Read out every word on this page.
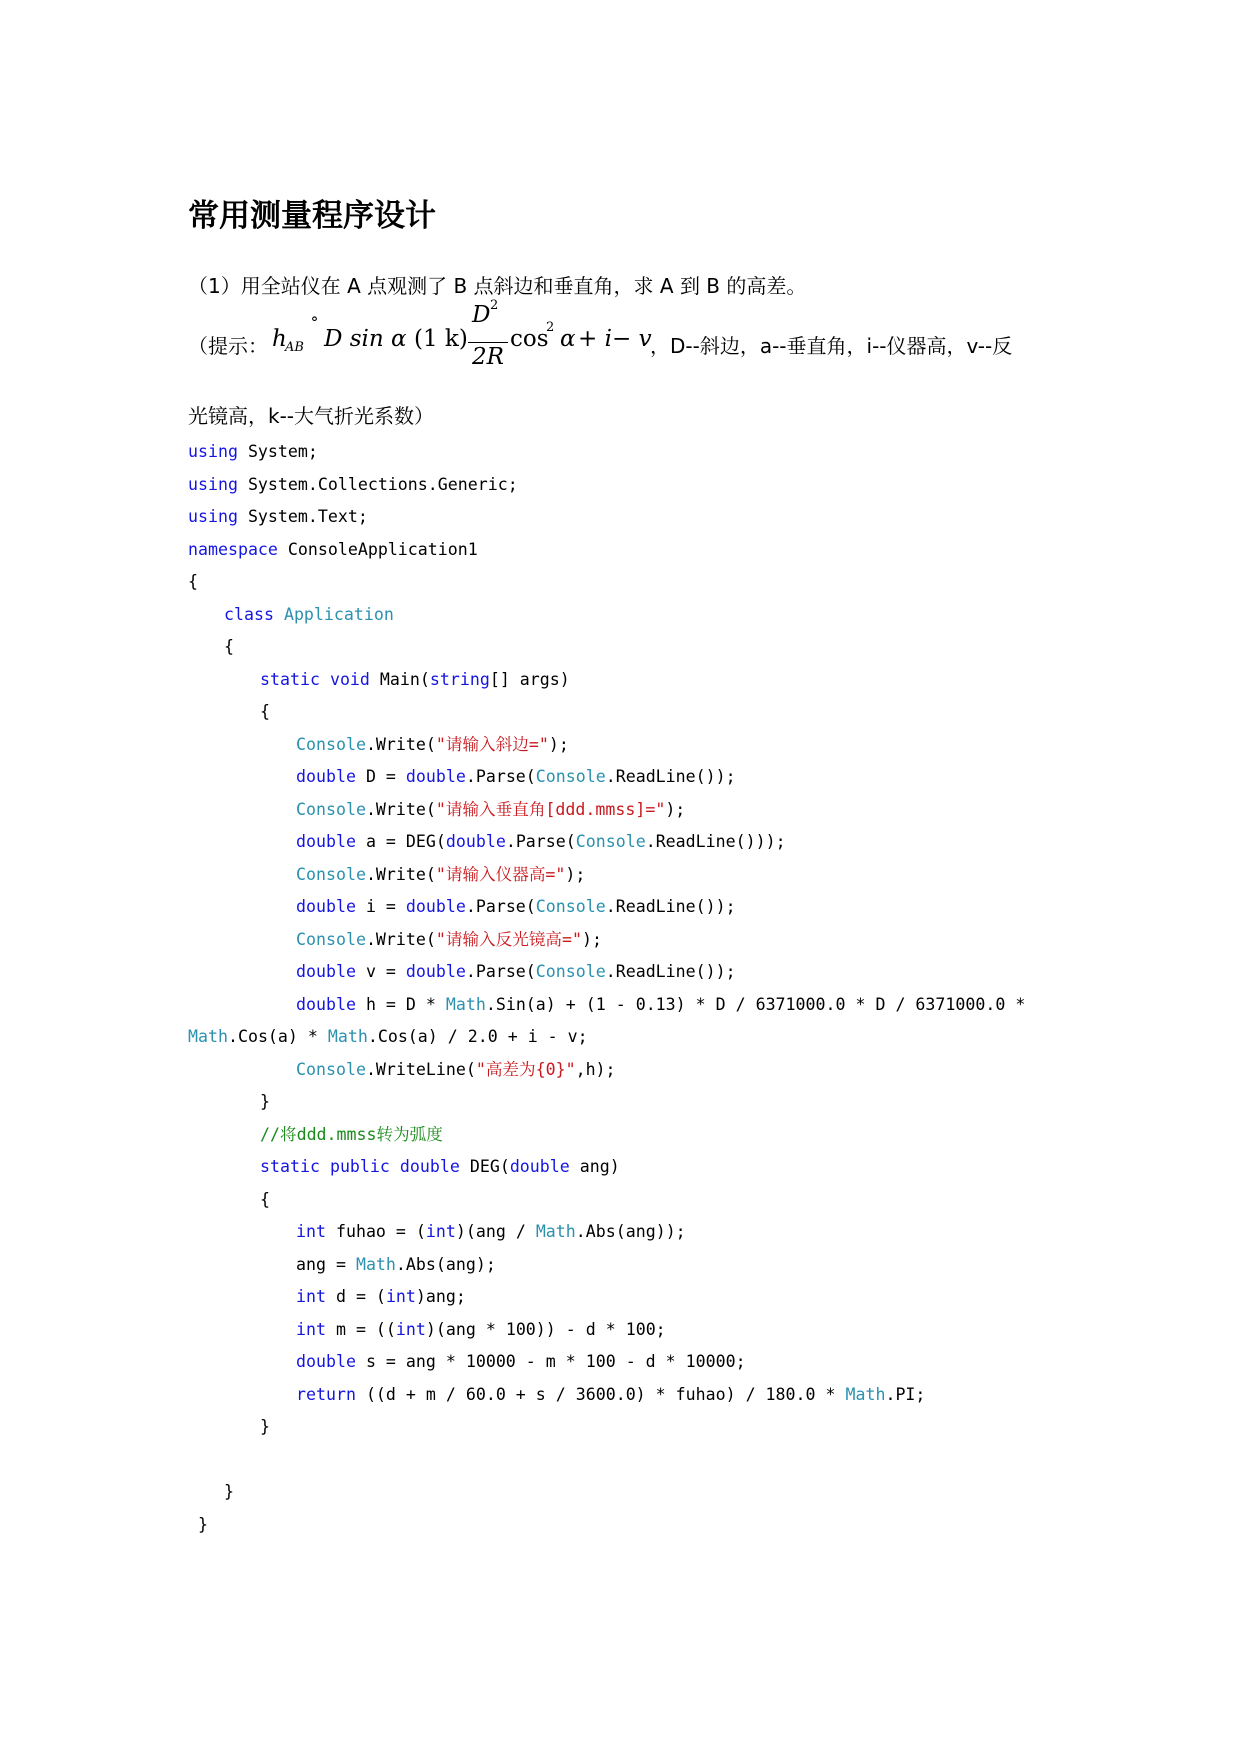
常用测量程序设计
（1）用全站仪在 A 点观测了 B 点斜边和垂直角，求 A 到 B 的高差。
（提示： h
AB
˚ D sin α (1 k)
D 2
2R
cos
2 α + i − v
，D--斜边，a--垂直角，i--仪器高，v--反
光镜高，k--大气折光系数）
using System;
using System.Collections.Generic;
using System.Text;
namespace ConsoleApplication1
{
class Application
{
static void Main(string[] args)
{
Console.Write("请输入斜边=");
double D = double.Parse(Console.ReadLine());
Console.Write("请输入垂直角[ddd.mmss]=");
double a = DEG(double.Parse(Console.ReadLine()));
Console.Write("请输入仪器高=");
double i = double.Parse(Console.ReadLine());
Console.Write("请输入反光镜高=");
double v = double.Parse(Console.ReadLine());
double h = D * Math.Sin(a) + (1 - 0.13) * D / 6371000.0 * D / 6371000.0 *
Math.Cos(a) * Math.Cos(a) / 2.0 + i - v;
Console.WriteLine("高差为{0}",h);
}
//将ddd.mmss转为弧度
static public double DEG(double ang)
{
int fuhao = (int)(ang / Math.Abs(ang));
ang = Math.Abs(ang);
int d = (int)ang;
int m = ((int)(ang * 100)) - d * 100;
double s = ang * 10000 - m * 100 - d * 10000;
return ((d + m / 60.0 + s / 3600.0) * fuhao) / 180.0 * Math.PI;
}
}
}
